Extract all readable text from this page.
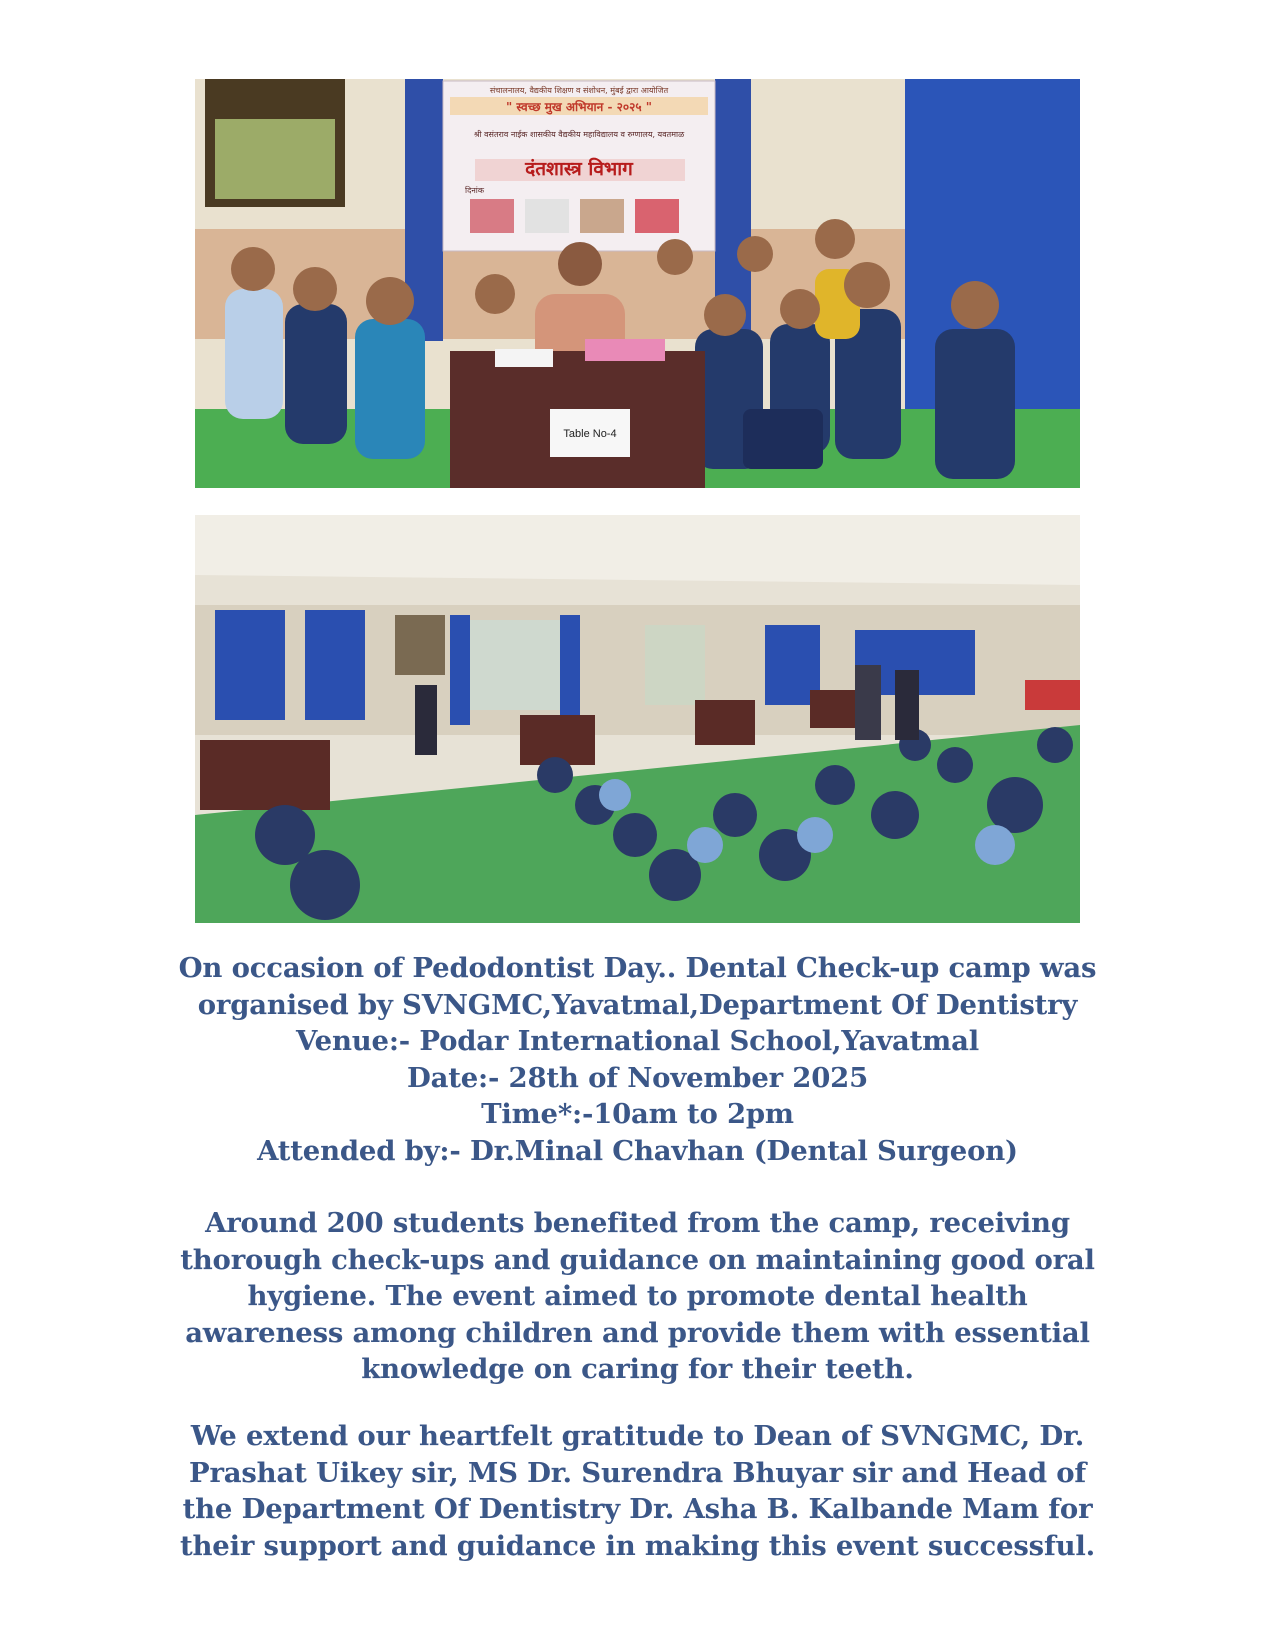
संचालनालय, वैद्यकीय शिक्षण व संशोधन, मुंबई द्वारा आयोजित
" स्वच्छ मुख अभियान - २०२५ "
श्री वसंतराव नाईक शासकीय वैद्यकीय महाविद्यालय व रुग्णालय, यवतमाळ
दंतशास्त्र विभाग
दिनांक
Table No-4
On occasion of Pedodontist Day.. Dental Check-up camp was
organised by SVNGMC,Yavatmal,Department Of Dentistry
Venue:- Podar International School,Yavatmal
Date:- 28th of November 2025
Time*:-10am to 2pm
Attended by:- Dr.Minal Chavhan (Dental Surgeon)
Around 200 students benefited from the camp, receiving
thorough check-ups and guidance on maintaining good oral
hygiene. The event aimed to promote dental health
awareness among children and provide them with essential
knowledge on caring for their teeth.
We extend our heartfelt gratitude to Dean of SVNGMC, Dr.
Prashat Uikey sir, MS Dr. Surendra Bhuyar sir and Head of
the Department Of Dentistry Dr. Asha B. Kalbande Mam for
their support and guidance in making this event successful.
